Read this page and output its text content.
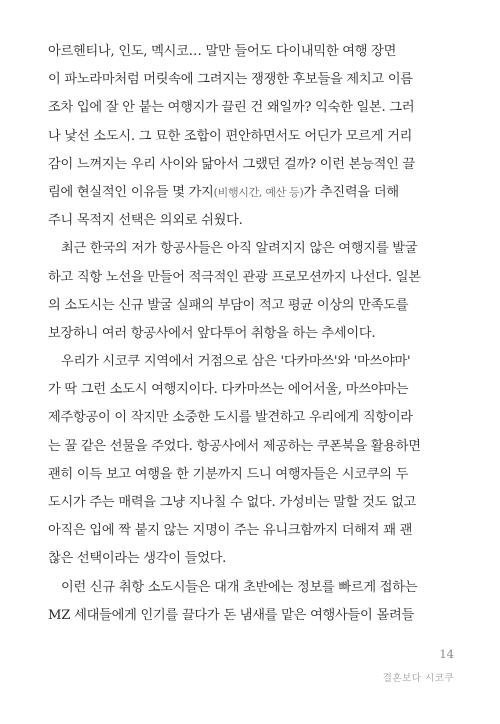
아르헨티나, 인도, 멕시코… 말만 들어도 다이내믹한 여행 장면
이 파노라마처럼 머릿속에 그려지는 쟁쟁한 후보들을 제치고 이름
조차 입에 잘 안 붙는 여행지가 끌린 건 왜일까? 익숙한 일본. 그러
나 낯선 소도시. 그 묘한 조합이 편안하면서도 어딘가 모르게 거리
감이 느껴지는 우리 사이와 닮아서 그랬던 걸까? 이런 본능적인 끌
림에 현실적인 이유들 몇 가지(비행시간, 예산 등)가 추진력을 더해
주니 목적지 선택은 의외로 쉬웠다.
최근 한국의 저가 항공사들은 아직 알려지지 않은 여행지를 발굴
하고 직항 노선을 만들어 적극적인 관광 프로모션까지 나선다. 일본
의 소도시는 신규 발굴 실패의 부담이 적고 평균 이상의 만족도를
보장하니 여러 항공사에서 앞다투어 취항을 하는 추세이다.
우리가 시코쿠 지역에서 거점으로 삼은 '다카마쓰'와 '마쓰야마'
가 딱 그런 소도시 여행지이다. 다카마쓰는 에어서울, 마쓰야마는
제주항공이 이 작지만 소중한 도시를 발견하고 우리에게 직항이라
는 꿀 같은 선물을 주었다. 항공사에서 제공하는 쿠폰북을 활용하면
괜히 이득 보고 여행을 한 기분까지 드니 여행자들은 시코쿠의 두
도시가 주는 매력을 그냥 지나칠 수 없다. 가성비는 말할 것도 없고
아직은 입에 짝 붙지 않는 지명이 주는 유니크함까지 더해져 꽤 괜
찮은 선택이라는 생각이 들었다.
이런 신규 취항 소도시들은 대개 초반에는 정보를 빠르게 접하는
MZ 세대들에게 인기를 끌다가 돈 냄새를 맡은 여행사들이 몰려들
14
결혼보다 시코쿠
